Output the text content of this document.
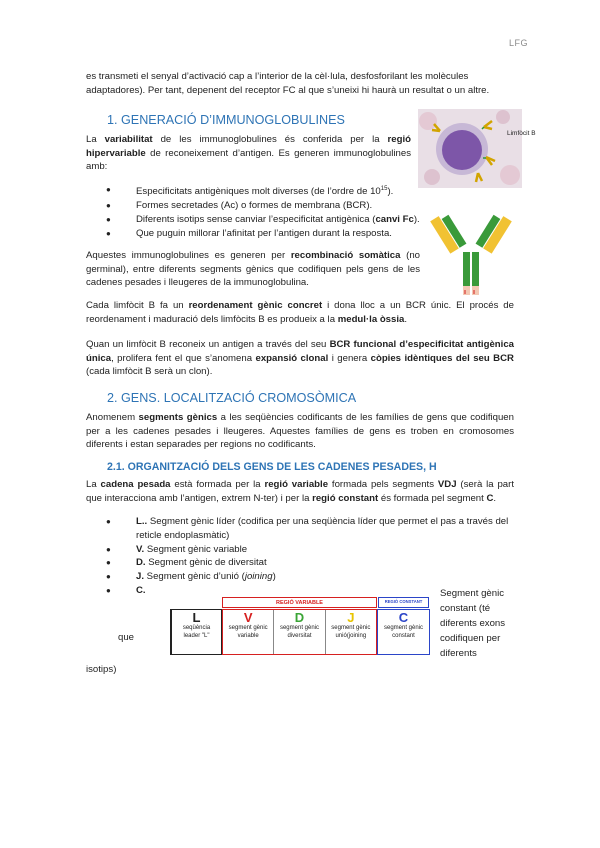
LFG

es transmeti el senyal d’activació cap a l’interior de la cèl·lula, desfosforilant les molècules

adaptadores). Per tant, depenent del receptor FC al que s’uneixi hi haurà un resultat o un altre.

1. GENERACIÓ D’IMMUNOGLOBULINES
Limfòcit B

La variabilitat de les immunoglobulines és conferida per la regió hipervariable de reconeixement d’antigen. Es generen immunoglobulines amb:

● Especificitats antigèniques molt diverses (de l’ordre de $10^{15}$).
● Formes secretades (Ac) o formes de membrana (BCR).
● Diferents isotips sense canviar l’especificitat antigènica (canvi Fc).
● Que puguin millorar l’afinitat per l’antigen durant la resposta.

Aquestes immunoglobulines es generen per recombinació somàtica (no germinal), entre diferents segments gènics que codifiquen pels gens de les cadenes pesades i lleugeres de la immunoglobulina.

Cada limfòcit B fa un reordenament gènic concret i dona lloc a un BCR únic. El procés de reordenament i maduració dels limfòcits B es produeix a la medul·la òssia.

Quan un limfòcit B reconeix un antigen a través del seu BCR funcional d’especificitat antigènica única, prolifera fent el que s’anomena expansió clonal i genera còpies idèntiques del seu BCR (cada limfòcit B serà un clon).

2. GENS. LOCALITZACIÓ CROMOSÒMICA

Anomenem segments gènics a les seqüències codificants de les famílies de gens que codifiquen per a les cadenes pesades i lleugeres. Aquestes famílies de gens es troben en cromosomes diferents i estan separades per regions no codificants.

2.1. ORGANITZACIÓ DELS GENS DE LES CADENES PESADES, H

La cadena pesada està formada per la regió variable formada pels segments VDJ (serà la part que interacciona amb l’antigen, extrem N-ter) i per la regió constant és formada pel segment C.

● L.. Segment gènic líder (codifica per una seqüència líder que permet el pas a través del reticle endoplasmàtic)
● V. Segment gènic variable
● D. Segment gènic de diversitat
● J. Segment gènic d’unió (joining)
● C.	Segment gènic
constant (té
diferents exons
codifiquen per
diferents
que
isotips)
REGIÓ VARIABLE	REGIÓ CONSTANT
L
seqüència leader "L"
V
segment gènic variable
D
segment gènic diversitat
J
segment gènic unió(joining
C
segment gènic constant
